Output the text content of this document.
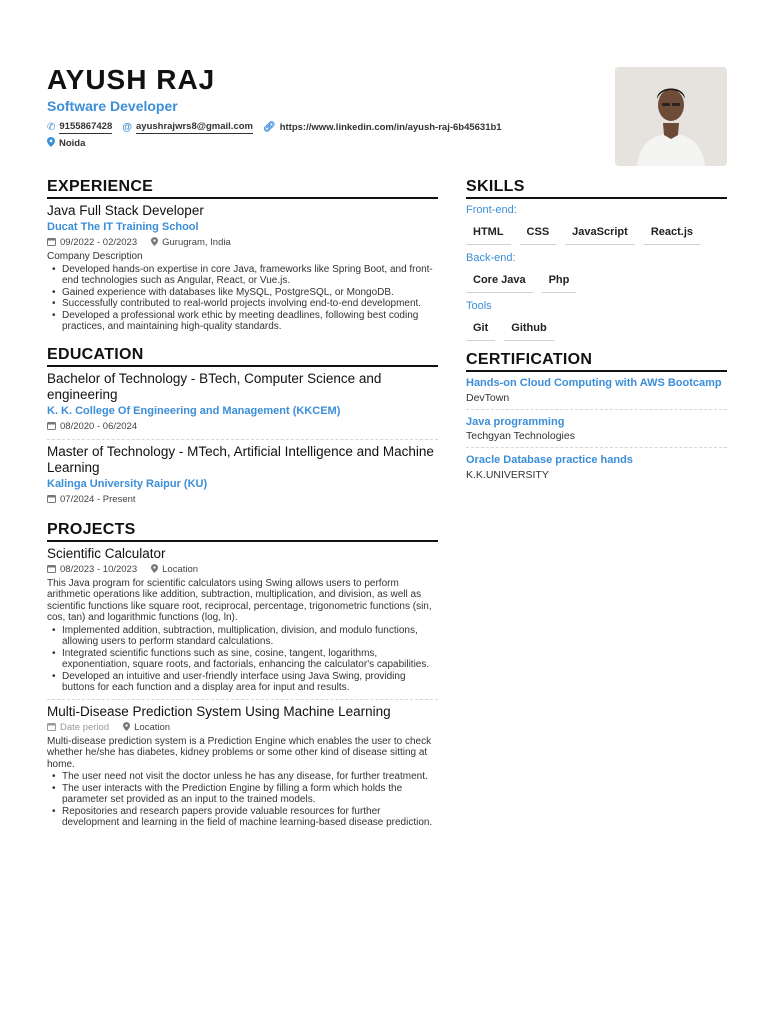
AYUSH RAJ
Software Developer
✆ 9155867428 @ ayushrajwrs8@gmail.com 🔗︎ https://www.linkedin.com/in/ayush-raj-6b45631b1
Noida
EXPERIENCE
Java Full Stack Developer
Ducat The IT Training School
09/2022 - 02/2023	Gurugram, India
Company Description
• Developed hands-on expertise in core Java, frameworks like Spring Boot, and front-end technologies such as Angular, React, or Vue.js.
• Gained experience with databases like MySQL, PostgreSQL, or MongoDB.
• Successfully contributed to real-world projects involving end-to-end development.
• Developed a professional work ethic by meeting deadlines, following best coding practices, and maintaining high-quality standards.
EDUCATION
Bachelor of Technology - BTech, Computer Science and engineering
K. K. College Of Engineering and Management (KKCEM)
08/2020 - 06/2024
Master of Technology - MTech, Artificial Intelligence and Machine Learning
Kalinga University Raipur (KU)
07/2024 - Present
PROJECTS
Scientific Calculator
08/2023 - 10/2023	Location
This Java program for scientific calculators using Swing allows users to perform arithmetic operations like addition, subtraction, multiplication, and division, as well as scientific functions like square root, reciprocal, percentage, trigonometric functions (sin, cos, tan) and logarithmic functions (log, ln).
• Implemented addition, subtraction, multiplication, division, and modulo functions, allowing users to perform standard calculations.
• Integrated scientific functions such as sine, cosine, tangent, logarithms, exponentiation, square roots, and factorials, enhancing the calculator's capabilities.
• Developed an intuitive and user-friendly interface using Java Swing, providing buttons for each function and a display area for input and results.
Multi-Disease Prediction System Using Machine Learning
Date period	Location
Multi-disease prediction system is a Prediction Engine which enables the user to check whether he/she has diabetes, kidney problems or some other kind of disease sitting at home.
• The user need not visit the doctor unless he has any disease, for further treatment.
• The user interacts with the Prediction Engine by filling a form which holds the parameter set provided as an input to the trained models.
• Repositories and research papers provide valuable resources for further development and learning in the field of machine learning-based disease prediction.
SKILLS
Front-end:
HTML	CSS	JavaScript	React.js
Back-end:
Core Java	Php
Tools
Git	Github
CERTIFICATION
Hands-on Cloud Computing with AWS Bootcamp
DevTown
Java programming
Techgyan Technologies
Oracle Database practice hands
K.K.UNIVERSITY
